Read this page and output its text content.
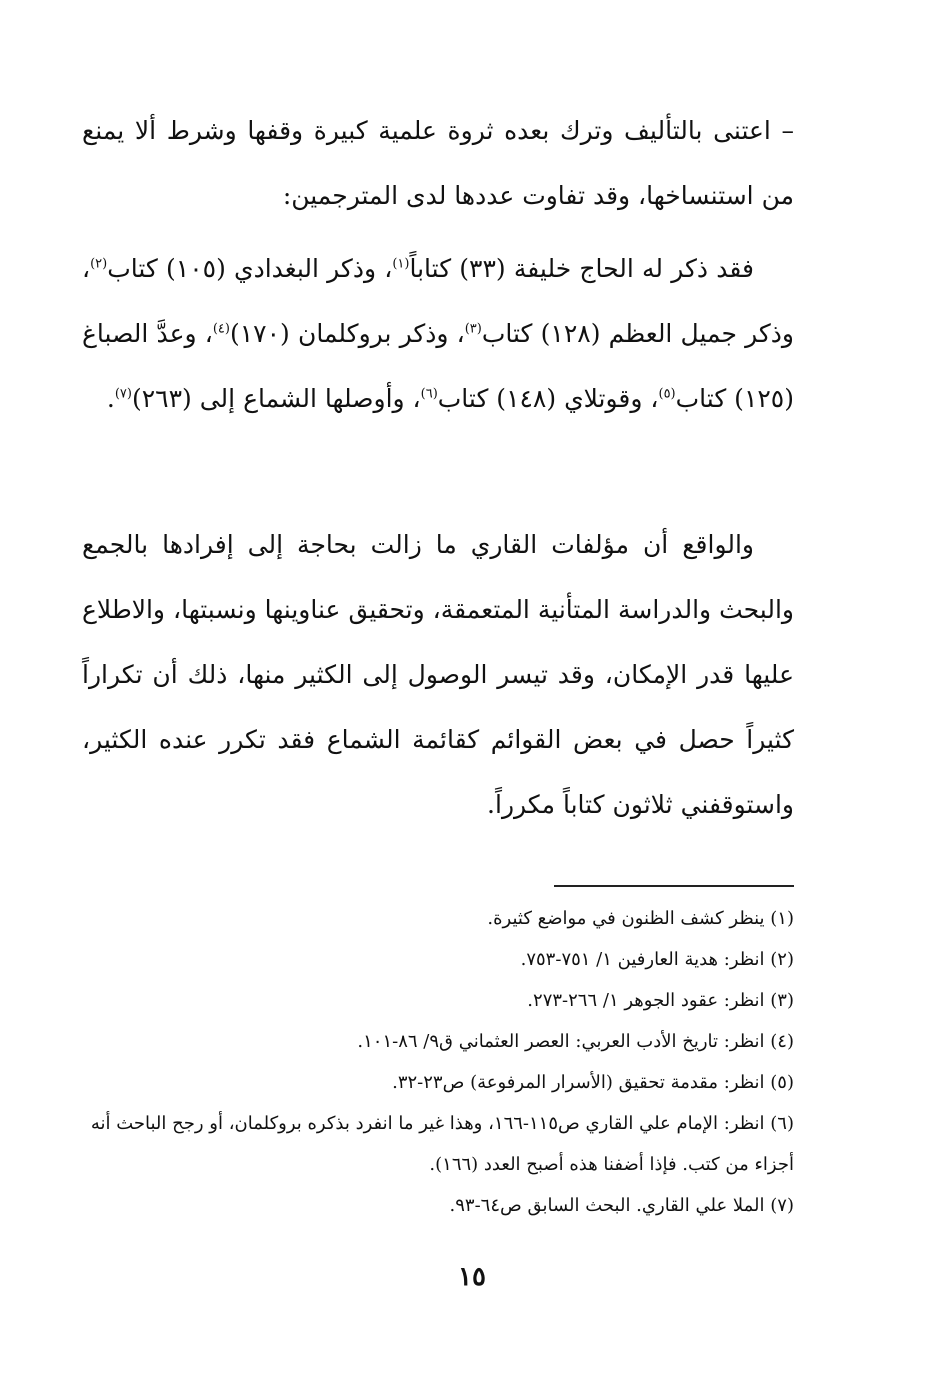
– اعتنى بالتأليف وترك بعده ثروة علمية كبيرة وقفها وشرط ألا يمنع من استنساخها، وقد تفاوت عددها لدى المترجمين:

فقد ذكر له الحاج خليفة (٣٣) كتاباً$^{(١)}$، وذكر البغدادي (١٠٥) كتاب$^{(٢)}$، وذكر جميل العظم (١٢٨) كتاب$^{(٣)}$، وذكر بروكلمان (١٧٠)$^{(٤)}$، وعدَّ الصباغ (١٢٥) كتاب$^{(٥)}$، وقوتلاي (١٤٨) كتاب$^{(٦)}$، وأوصلها الشماع إلى (٢٦٣)$^{(٧)}$.

والواقع أن مؤلفات القاري ما زالت بحاجة إلى إفرادها بالجمع والبحث والدراسة المتأنية المتعمقة، وتحقيق عناوينها ونسبتها، والاطلاع عليها قدر الإمكان، وقد تيسر الوصول إلى الكثير منها، ذلك أن تكراراً كثيراً حصل في بعض القوائم كقائمة الشماع فقد تكرر عنده الكثير، واستوقفني ثلاثون كتاباً مكرراً.

(١) ينظر كشف الظنون في مواضع كثيرة.
(٢) انظر: هدية العارفين ١/ ٧٥١-٧٥٣.
(٣) انظر: عقود الجوهر ١/ ٢٦٦-٢٧٣.
(٤) انظر: تاريخ الأدب العربي: العصر العثماني ق٩/ ٨٦-١٠١.
(٥) انظر: مقدمة تحقيق (الأسرار المرفوعة) ص٢٣-٣٢.
(٦) انظر: الإمام علي القاري ص١١٥-١٦٦، وهذا غير ما انفرد بذكره بروكلمان، أو رجح الباحث أنه أجزاء من كتب. فإذا أضفنا هذه أصبح العدد (١٦٦).
(٧) الملا علي القاري. البحث السابق ص٦٤-٩٣.
١٥
